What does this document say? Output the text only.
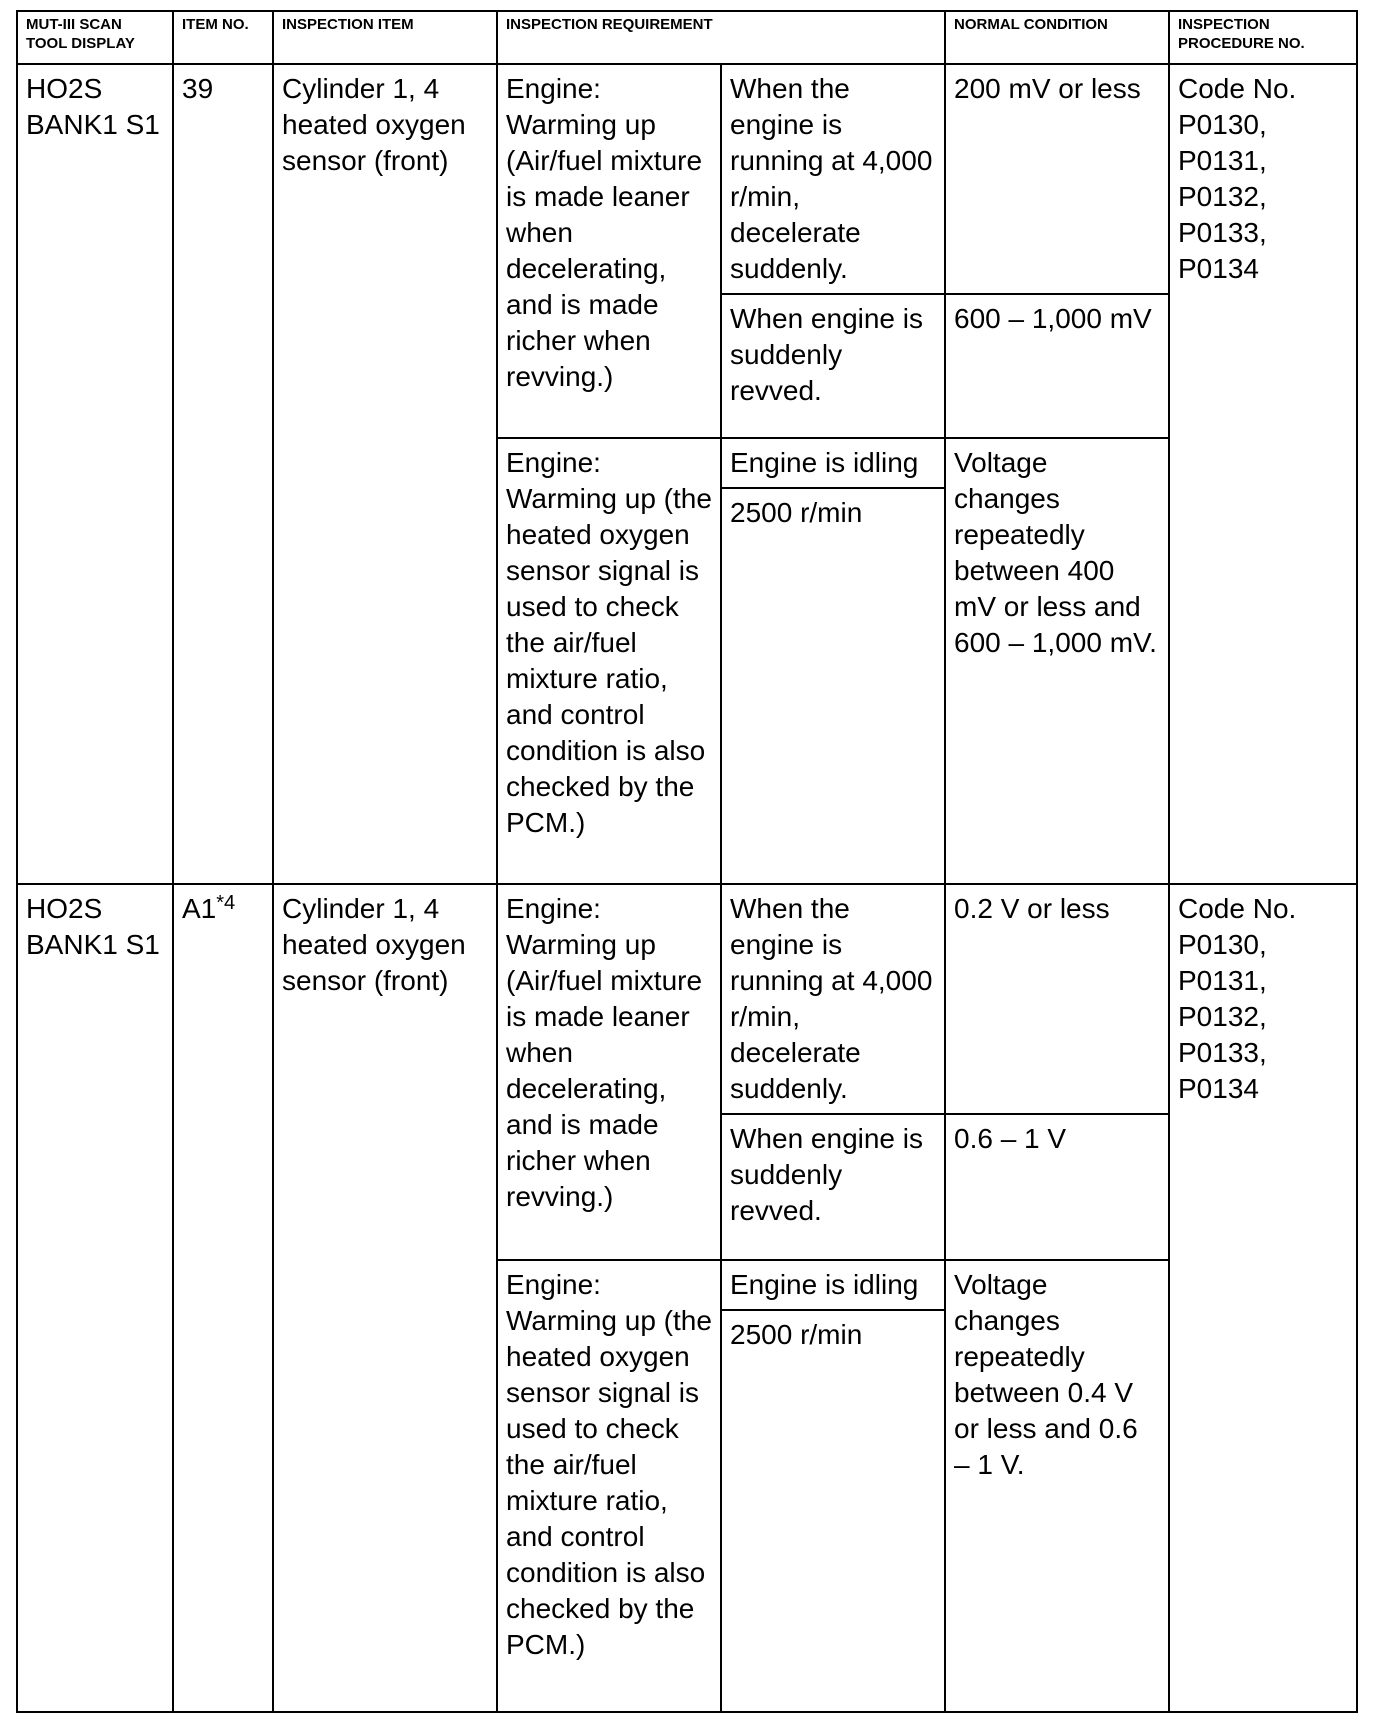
MUT-III SCAN TOOL DISPLAY	ITEM NO.	INSPECTION ITEM	INSPECTION REQUIREMENT		NORMAL CONDITION	INSPECTION PROCEDURE NO.
HO2S BANK1 S1	39	Cylinder 1, 4 heated oxygen sensor (front)	Engine: Warming up (Air/fuel mixture is made leaner when decelerating, and is made richer when revving.)	When the engine is running at 4,000 r/min, decelerate suddenly.	200 mV or less	Code No. P0130, P0131, P0132, P0133, P0134
				When engine is suddenly revved.	600 – 1,000 mV	
			Engine: Warming up (the heated oxygen sensor signal is used to check the air/fuel mixture ratio, and control condition is also checked by the PCM.)	Engine is idling	Voltage changes repeatedly between 400 mV or less and 600 – 1,000 mV.	
				2500 r/min		

HO2S BANK1 S1	A1$^{*4}$	Cylinder 1, 4 heated oxygen sensor (front)	Engine: Warming up (Air/fuel mixture is made leaner when decelerating, and is made richer when revving.)	When the engine is running at 4,000 r/min, decelerate suddenly.	0.2 V or less	Code No. P0130, P0131, P0132, P0133, P0134
				When engine is suddenly revved.	0.6 – 1 V	
			Engine: Warming up (the heated oxygen sensor signal is used to check the air/fuel mixture ratio, and control condition is also checked by the PCM.)	Engine is idling	Voltage changes repeatedly between 0.4 V or less and 0.6 – 1 V.	
				2500 r/min		
